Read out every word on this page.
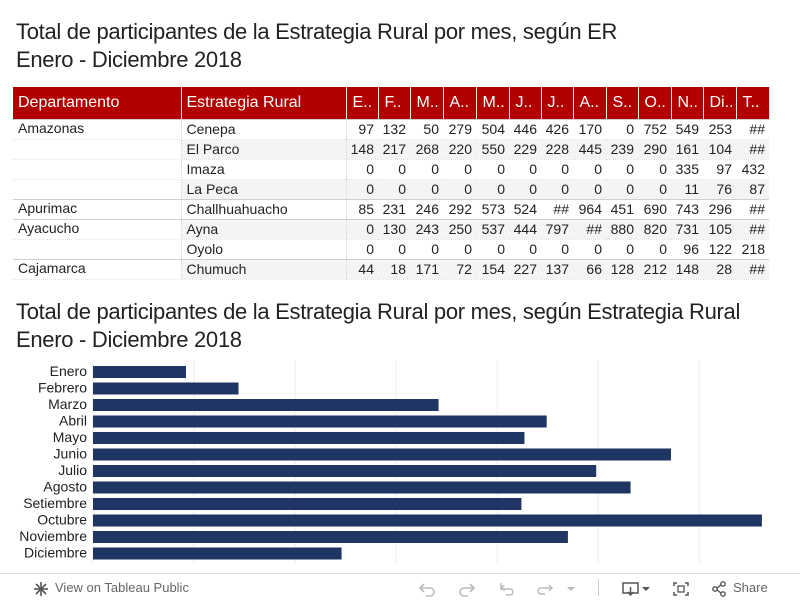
Total de participantes de la Estrategia Rural por mes, según ER
Enero - Diciembre 2018
Departamento	Estrategia Rural	E..	F..	M..	A..	M..	J..	J..	A..	S..	O..	N..	Di..	T..
Amazonas	Cenepa	97	132	50	279	504	446	426	170	0	752	549	253	##
	El Parco	148	217	268	220	550	229	228	445	239	290	161	104	##
	Imaza	0	0	0	0	0	0	0	0	0	0	335	97	432
	La Peca	0	0	0	0	0	0	0	0	0	0	11	76	87
Apurimac	Challhuahuacho	85	231	246	292	573	524	##	964	451	690	743	296	##
Ayacucho	Ayna	0	130	243	250	537	444	797	##	880	820	731	105	##
	Oyolo	0	0	0	0	0	0	0	0	0	0	96	122	218
Cajamarca	Chumuch	44	18	171	72	154	227	137	66	128	212	148	28	##
Total de participantes de la Estrategia Rural por mes, según Estrategia Rural
Enero - Diciembre 2018
Enero
Febrero
Marzo
Abril
Mayo
Junio
Julio
Agosto
Setiembre
Octubre
Noviembre
Diciembre
View on Tableau Public	Share
